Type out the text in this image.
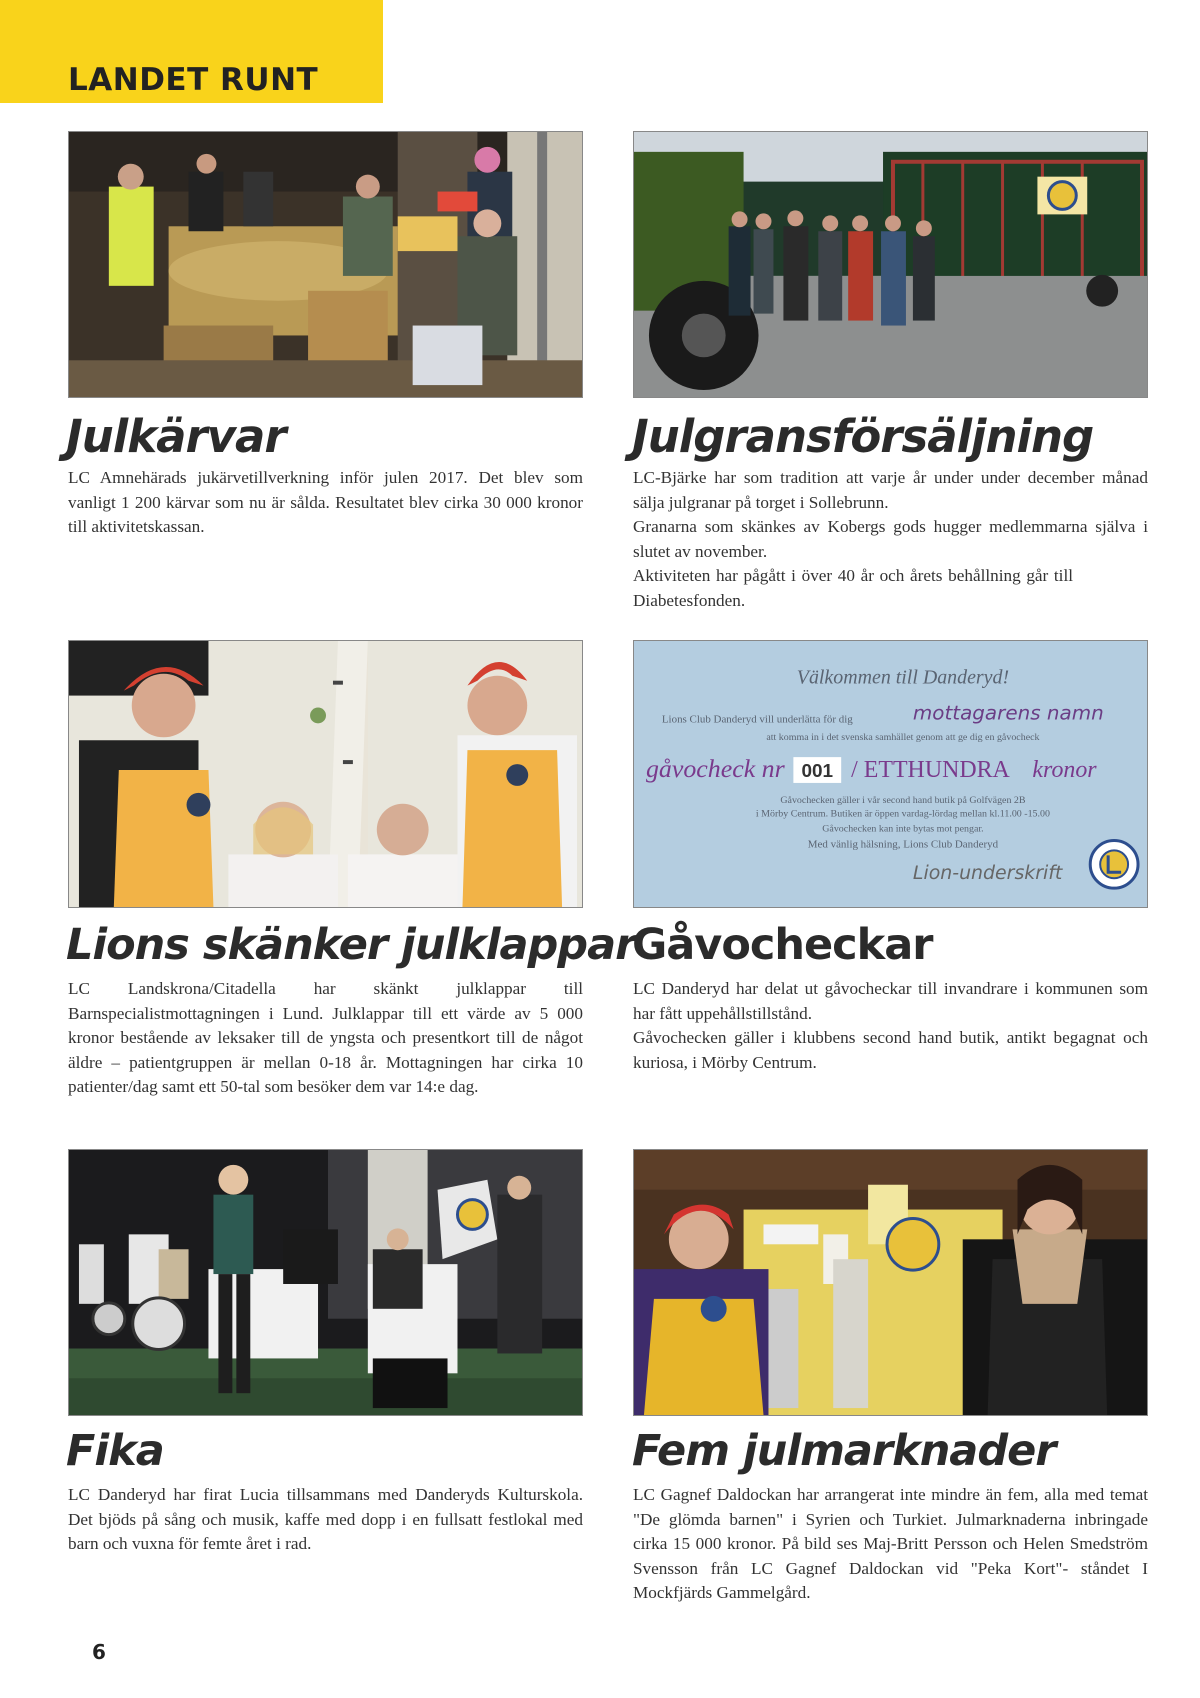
LANDET RUNT
Julkärvar	Julgransförsäljning

LC Amnehärads jukärvetillverkning inför julen 2017. Det blev som vanligt 1 200 kärvar som nu är sålda. Resultatet blev cirka 30 000 kronor till aktivitetskassan.

LC-Bjärke har som tradition att varje år under under december månad sälja julgranar på torget i Sollebrunn.

Granarna som skänkes av Kobergs gods hugger medlemmarna själva i slutet av november.

Aktiviteten har pågått i över 40 år och årets behållning går till Diabetesfonden.

Välkommen till Danderyd!
Lions Club Danderyd vill underlätta för dig	mottagarens namn
att komma in i det svenska samhället genom att ge dig en gåvocheck
gåvocheck nr 001 / ETTHUNDRA kronor
Gåvochecken gäller i vår second hand butik på Golfvägen 2B
i Mörby Centrum. Butiken är öppen vardag-lördag mellan kl.11.00 -15.00
Gåvochecken kan inte bytas mot pengar.
Med vänlig hälsning, Lions Club Danderyd
Lion-underskrift
Lions skänker julklappar
Gåvocheckar

LC Landskrona/Citadella har skänkt julklappar till Barnspecialistmottagningen i Lund. Julklappar till ett värde av 5 000 kronor bestående av leksaker till de yngsta och presentkort till de något äldre – patientgruppen är mellan 0-18 år. Mottagningen har cirka 10 patienter/dag samt ett 50-tal som besöker dem var 14:e dag.

LC Danderyd har delat ut gåvocheckar till invandrare i kommunen som har fått uppehållstillstånd.

Gåvochecken gäller i klubbens second hand butik, antikt begagnat och kuriosa, i Mörby Centrum.

Fika	Fem julmarknader

LC Danderyd har firat Lucia tillsammans med Danderyds Kulturskola. Det bjöds på sång och musik, kaffe med dopp i en fullsatt festlokal med barn och vuxna för femte året i rad.

LC Gagnef Daldockan har arrangerat inte mindre än fem, alla med temat "De glömda barnen" i Syrien och Turkiet. Julmarknaderna inbringade cirka 15 000 kronor. På bild ses Maj-Britt Persson och Helen Smedström Svensson från LC Gagnef Daldockan vid "Peka Kort"- ståndet I Mockfjärds Gammelgård.

6
